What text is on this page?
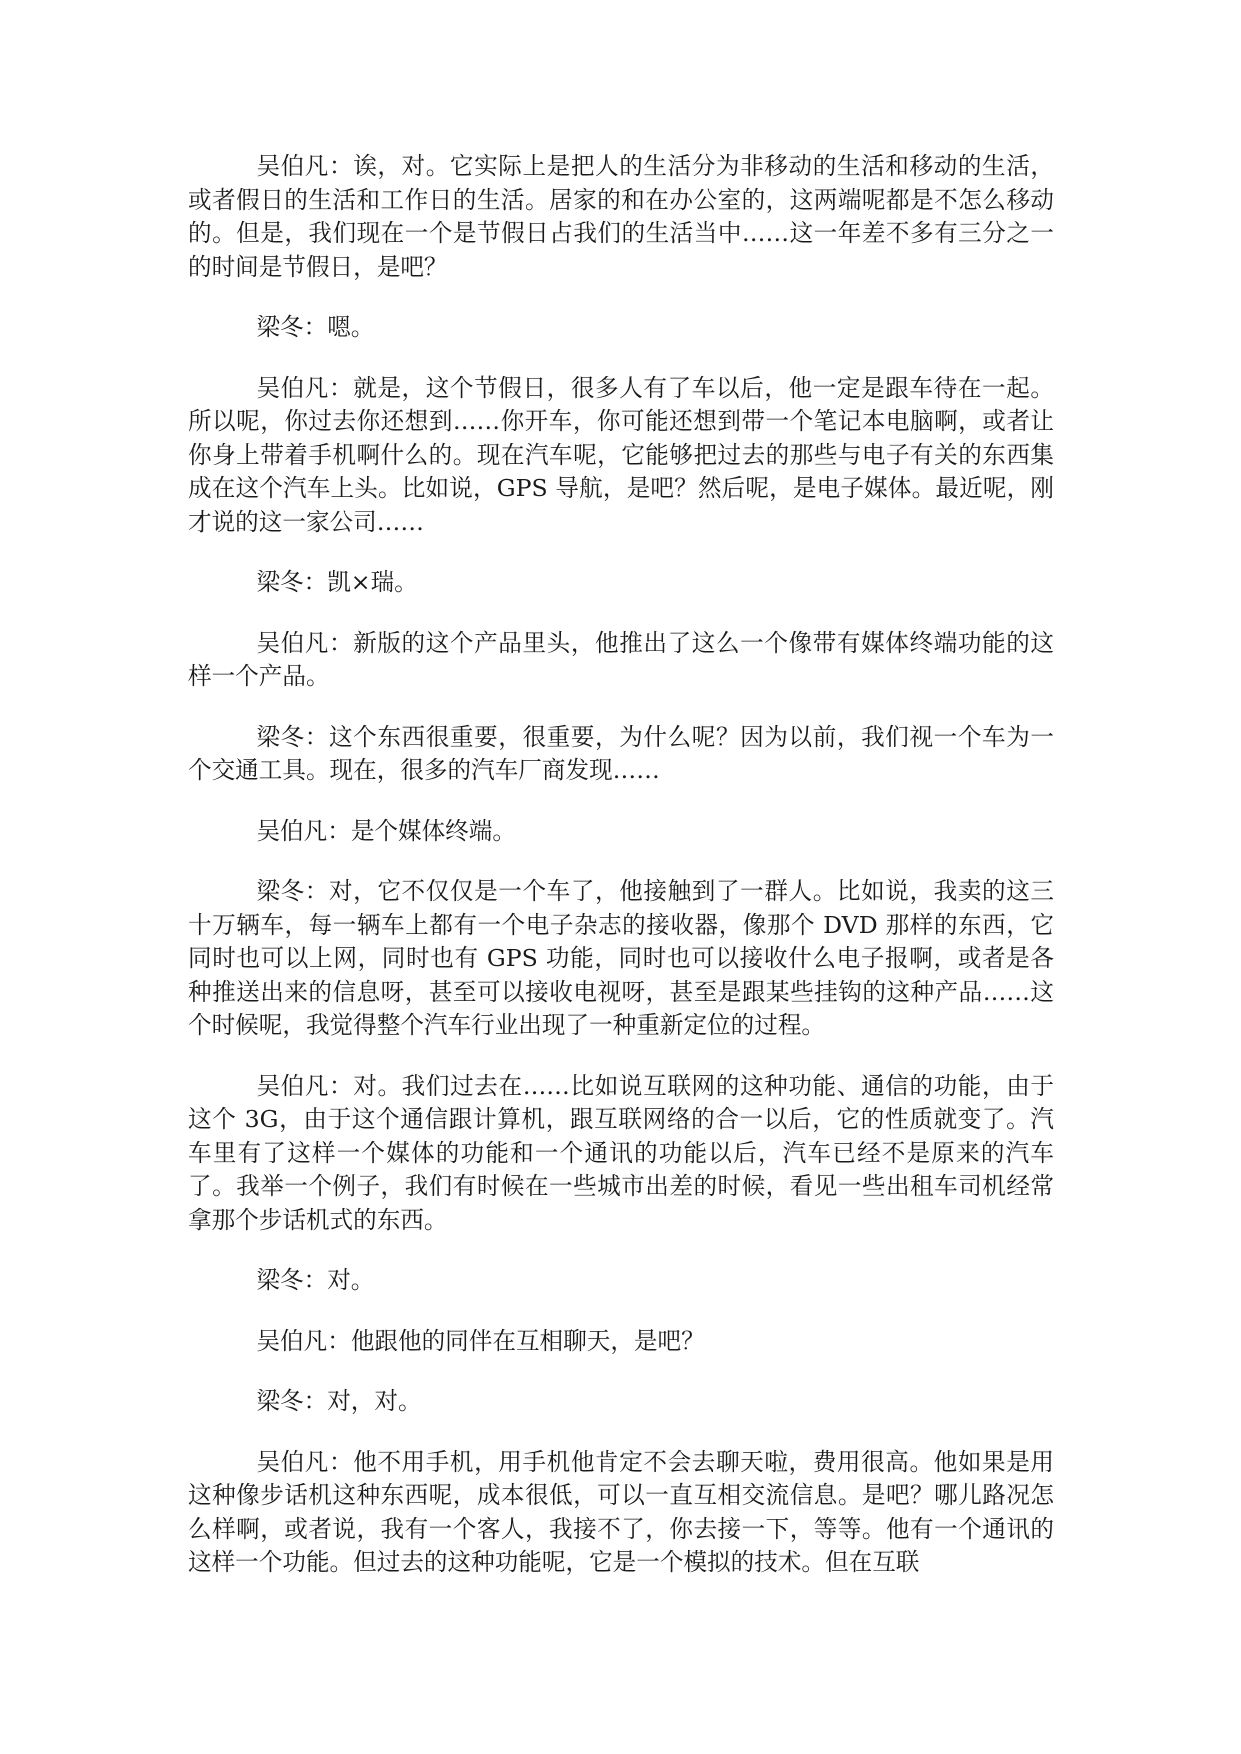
吴伯凡：诶，对。它实际上是把人的生活分为非移动的生活和移动的生活，或者假日的生活和工作日的生活。居家的和在办公室的，这两端呢都是不怎么移动的。但是，我们现在一个是节假日占我们的生活当中……这一年差不多有三分之一的时间是节假日，是吧？

梁冬：嗯。

吴伯凡：就是，这个节假日，很多人有了车以后，他一定是跟车待在一起。所以呢，你过去你还想到……你开车，你可能还想到带一个笔记本电脑啊，或者让你身上带着手机啊什么的。现在汽车呢，它能够把过去的那些与电子有关的东西集成在这个汽车上头。比如说，GPS 导航，是吧？然后呢，是电子媒体。最近呢，刚才说的这一家公司……

梁冬：凯×瑞。

吴伯凡：新版的这个产品里头，他推出了这么一个像带有媒体终端功能的这样一个产品。

梁冬：这个东西很重要，很重要，为什么呢？因为以前，我们视一个车为一个交通工具。现在，很多的汽车厂商发现……

吴伯凡：是个媒体终端。

梁冬：对，它不仅仅是一个车了，他接触到了一群人。比如说，我卖的这三十万辆车，每一辆车上都有一个电子杂志的接收器，像那个 DVD 那样的东西，它同时也可以上网，同时也有 GPS 功能，同时也可以接收什么电子报啊，或者是各种推送出来的信息呀，甚至可以接收电视呀，甚至是跟某些挂钩的这种产品……这个时候呢，我觉得整个汽车行业出现了一种重新定位的过程。

吴伯凡：对。我们过去在……比如说互联网的这种功能、通信的功能，由于这个 3G，由于这个通信跟计算机，跟互联网络的合一以后，它的性质就变了。汽车里有了这样一个媒体的功能和一个通讯的功能以后，汽车已经不是原来的汽车了。我举一个例子，我们有时候在一些城市出差的时候，看见一些出租车司机经常拿那个步话机式的东西。

梁冬：对。

吴伯凡：他跟他的同伴在互相聊天，是吧？

梁冬：对，对。

吴伯凡：他不用手机，用手机他肯定不会去聊天啦，费用很高。他如果是用这种像步话机这种东西呢，成本很低，可以一直互相交流信息。是吧？哪儿路况怎么样啊，或者说，我有一个客人，我接不了，你去接一下，等等。他有一个通讯的这样一个功能。但过去的这种功能呢，它是一个模拟的技术。但在互联
